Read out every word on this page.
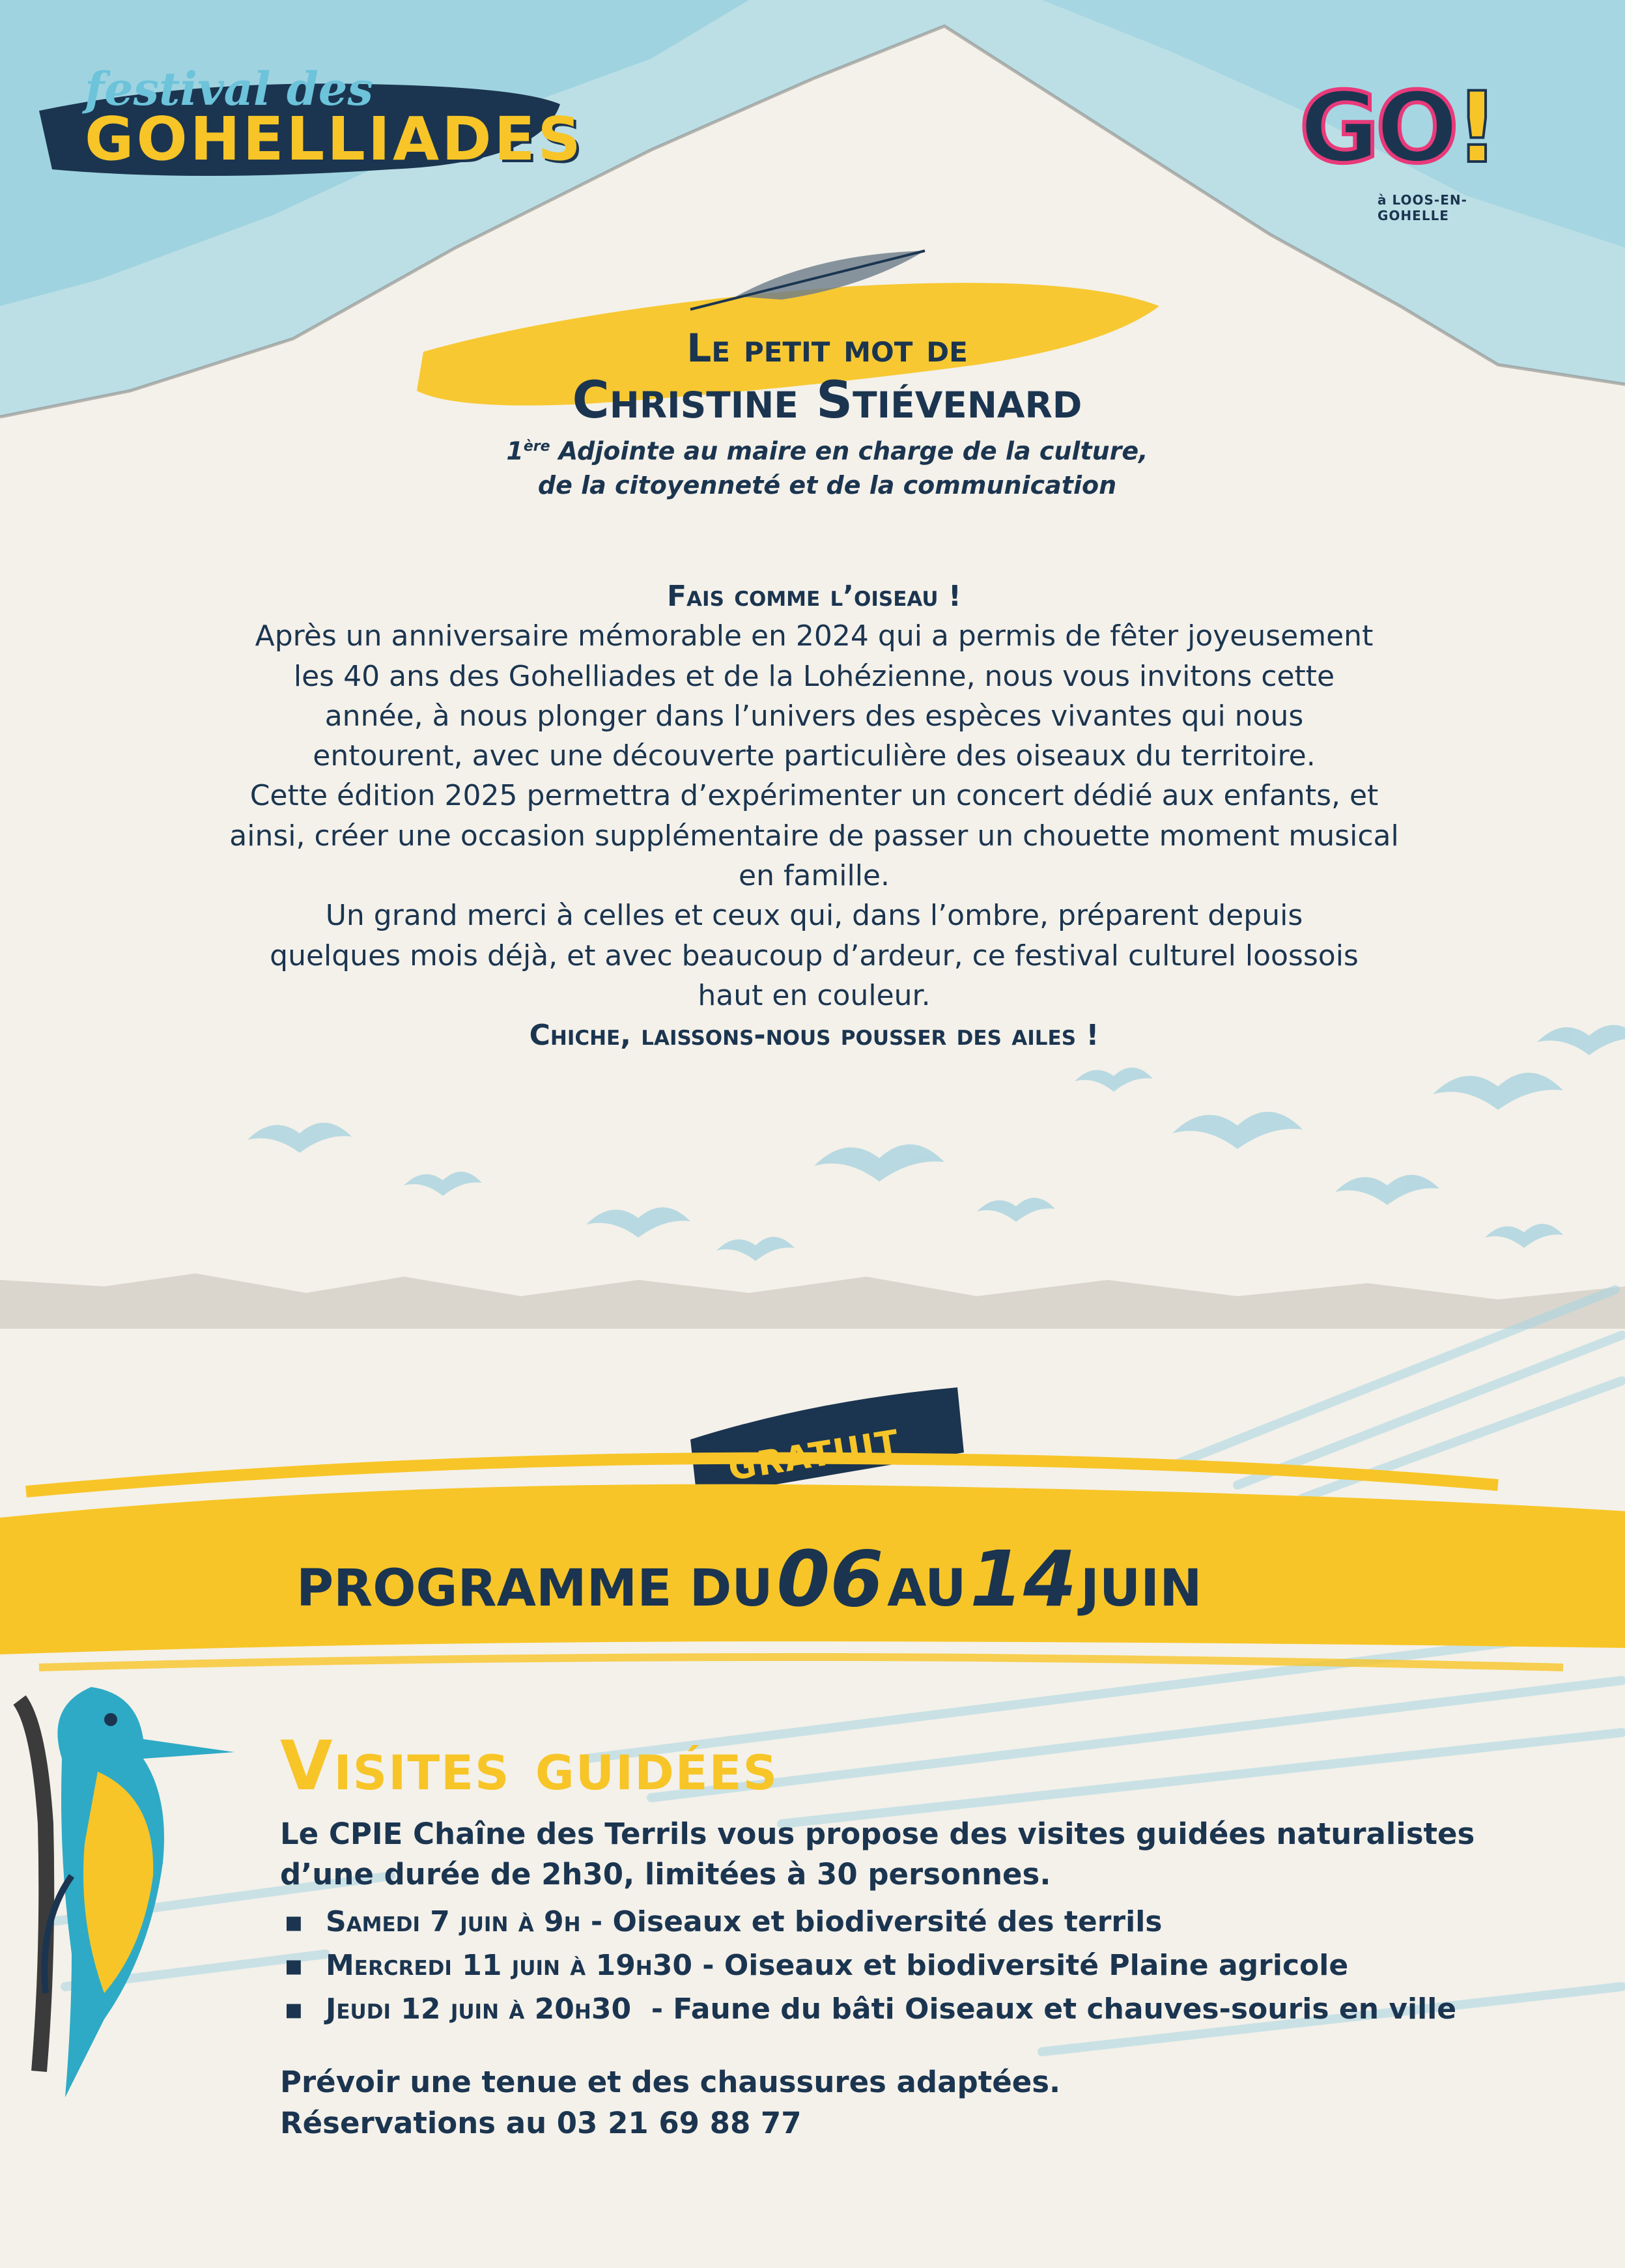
festival des
GOHELLIADES	GO!
à LOOS-EN-GOHELLE
Le petit mot de
Christine Stiévenard
1ère Adjointe au maire en charge de la culture,
de la citoyenneté et de la communication

Fais comme l’oiseau !

Après un anniversaire mémorable en 2024 qui a permis de fêter joyeusement les 40 ans des Gohelliades et de la Lohézienne, nous vous invitons cette année, à nous plonger dans l’univers des espèces vivantes qui nous entourent, avec une découverte particulière des oiseaux du territoire.

Cette édition 2025 permettra d’expérimenter un concert dédié aux enfants, et ainsi, créer une occasion supplémentaire de passer un chouette moment musical en famille.

Un grand merci à celles et ceux qui, dans l’ombre, préparent depuis quelques mois déjà, et avec beaucoup d’ardeur, ce festival culturel loossois haut en couleur.

Chiche, laissons-nous pousser des ailes !

GRATUIT
PROGRAMME DU 06 AU 14 JUIN
Visites guidées

Le CPIE Chaîne des Terrils vous propose des visites guidées naturalistes

d’une durée de 2h30, limitées à 30 personnes.

▪ Samedi 7 juin à 9h - Oiseaux et biodiversité des terrils
▪ Mercredi 11 juin à 19h30 - Oiseaux et biodiversité Plaine agricole
▪ Jeudi 12 juin à 20h30  - Faune du bâti Oiseaux et chauves-souris en ville

Prévoir une tenue et des chaussures adaptées.

Réservations au 03 21 69 88 77
